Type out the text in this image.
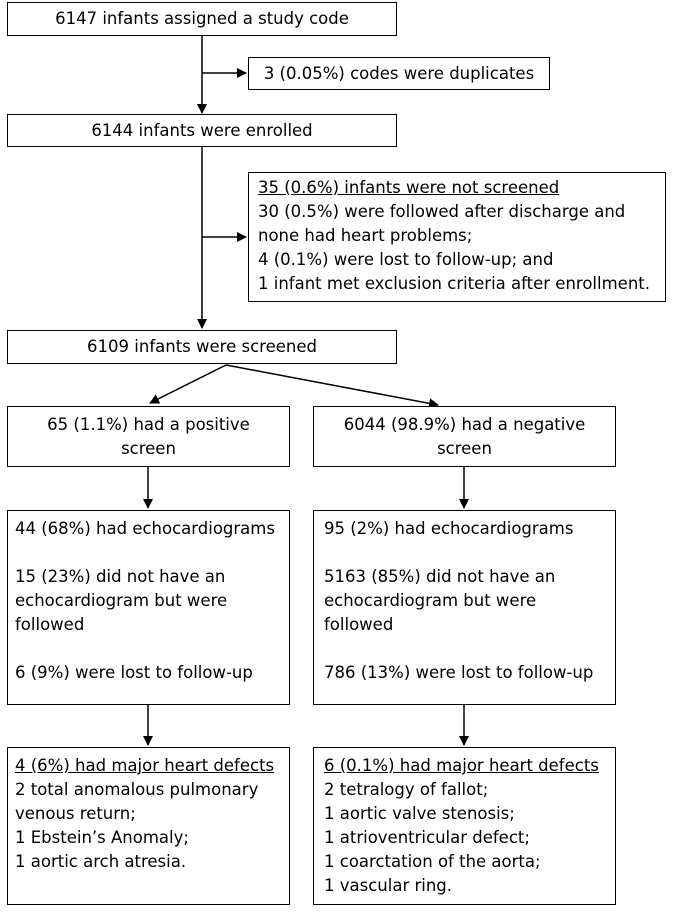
6147 infants assigned a study code
3 (0.05%) codes were duplicates
6144 infants were enrolled
35 (0.6%) infants were not screened
30 (0.5%) were followed after discharge and
none had heart problems;
4 (0.1%) were lost to follow-up; and
1 infant met exclusion criteria after enrollment.
6109 infants were screened
65 (1.1%) had a positive
screen
6044 (98.9%) had a negative
screen
44 (68%) had echocardiograms
15 (23%) did not have an
echocardiogram but were
followed
6 (9%) were lost to follow-up
95 (2%) had echocardiograms
5163 (85%) did not have an
echocardiogram but were
followed
786 (13%) were lost to follow-up
4 (6%) had major heart defects
2 total anomalous pulmonary
venous return;
1 Ebstein’s Anomaly;
1 aortic arch atresia.
6 (0.1%) had major heart defects
2 tetralogy of fallot;
1 aortic valve stenosis;
1 atrioventricular defect;
1 coarctation of the aorta;
1 vascular ring.
